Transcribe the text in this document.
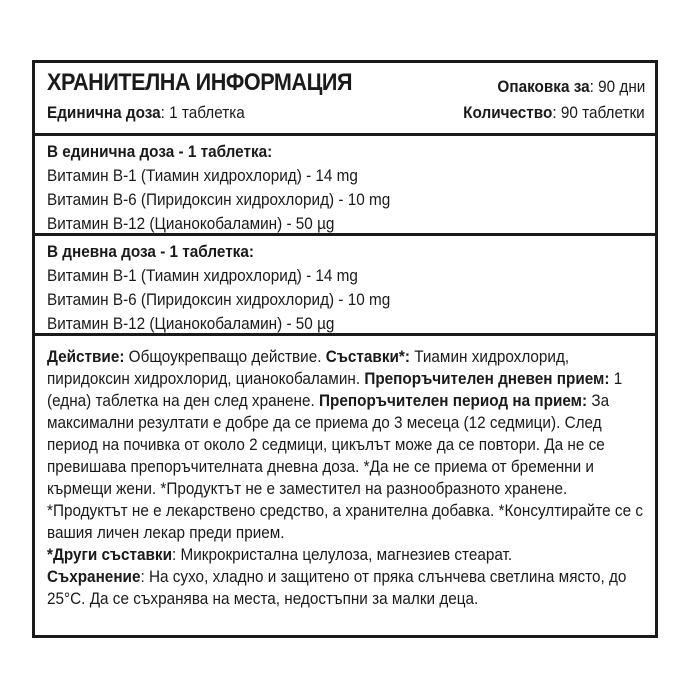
ХРАНИТЕЛНА ИНФОРМАЦИЯ
Единична доза: 1 таблетка
Опаковка за: 90 дни
Количество: 90 таблетки
В единична доза - 1 таблетка:
Витамин B-1 (Тиамин хидрохлорид) - 14 mg
Витамин B-6 (Пиридоксин хидрохлорид) - 10 mg
Витамин B-12 (Цианокобаламин) - 50 µg
В дневна доза - 1 таблетка:
Витамин B-1 (Тиамин хидрохлорид) - 14 mg
Витамин B-6 (Пиридоксин хидрохлорид) - 10 mg
Витамин B-12 (Цианокобаламин) - 50 µg
Действие: Общоукрепващо действие. Съставки*: Тиамин хидрохлорид, пиридоксин хидрохлорид, цианокобаламин. Препоръчителен дневен прием: 1 (една) таблетка на ден след хранене. Препоръчителен период на прием: За максимални резултати е добре да се приема до 3 месеца (12 седмици). След период на почивка от около 2 седмици, цикълът може да се повтори. Да не се превишава препоръчителната дневна доза. *Да не се приема от бременни и кърмещи жени. *Продуктът не е заместител на разнообразното хранене. *Продуктът не е лекарствено средство, а хранителна добавка. *Консултирайте се с вашия личен лекар преди прием.
*Други съставки: Микрокристална целулоза, магнезиев стеарат.
Съхранение: На сухо, хладно и защитено от пряка слънчева светлина място, до 25°С. Да се съхранява на места, недостъпни за малки деца.
